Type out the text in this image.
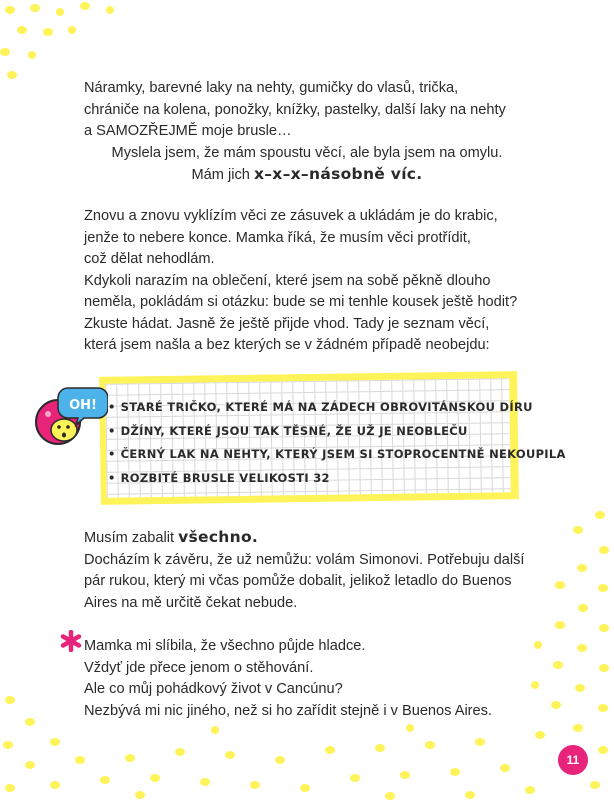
Náramky, barevné laky na nehty, gumičky do vlasů, trička,
chrániče na kolena, ponožky, knížky, pastelky, další laky na nehty
a SAMOZŘEJMĚ moje brusle…
Myslela jsem, že mám spoustu věcí, ale byla jsem na omylu.
Mám jich x–x–x–násobně víc.
Znovu a znovu vyklízím věci ze zásuvek a ukládám je do krabic,
jenže to nebere konce. Mamka říká, že musím věci protřídit,
což dělat nehodlám.
Kdykoli narazím na oblečení, které jsem na sobě pěkně dlouho
neměla, pokládám si otázku: bude se mi tenhle kousek ještě hodit?
Zkuste hádat. Jasně že ještě přijde vhod. Tady je seznam věcí,
která jsem našla a bez kterých se v žádném případě neobejdu:
• STARÉ TRIČKO, KTERÉ MÁ NA ZÁDECH OBROVITÁNSKOU DÍRU
• DŽÍNY, KTERÉ JSOU TAK TĚSNÉ, ŽE UŽ JE NEOBLEČU
• ČERNÝ LAK NA NEHTY, KTERÝ JSEM SI STOPROCENTNĚ NEKOUPILA
• ROZBITÉ BRUSLE VELIKOSTI 32
OH!
Musím zabalit všechno.
Docházím k závěru, že už nemůžu: volám Simonovi. Potřebuju další
pár rukou, který mi včas pomůže dobalit, jelikož letadlo do Buenos
Aires na mě určitě čekat nebude.
Mamka mi slíbila, že všechno půjde hladce.
Vždyť jde přece jenom o stěhování.
Ale co můj pohádkový život v Cancúnu?
Nezbývá mi nic jiného, než si ho zařídit stejně i v Buenos Aires.
11
